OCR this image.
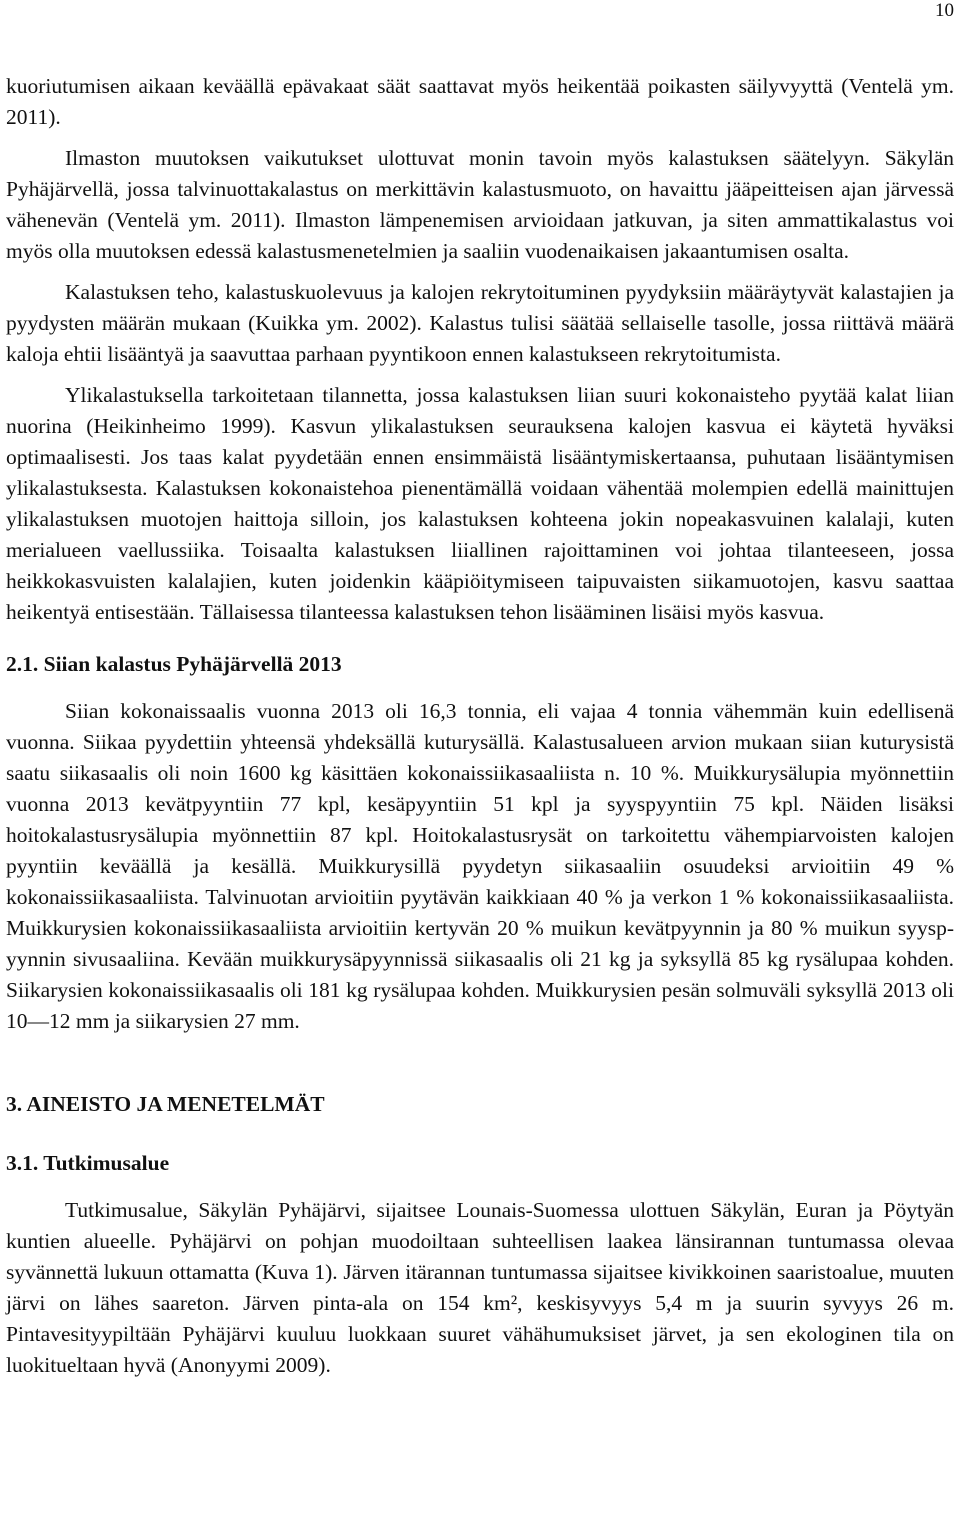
10

kuoriutumisen aikaan keväällä epävakaat säät saattavat myös heikentää poikasten säilyvyyttä (Ventelä ym. 2011).

Ilmaston muutoksen vaikutukset ulottuvat monin tavoin myös kalastuksen säätelyyn. Säkylän Pyhäjärvellä, jossa talvinuottakalastus on merkittävin kalastusmuoto, on havaittu jääpeitteisen ajan järvessä vähenevän (Ventelä ym. 2011). Ilmaston lämpenemisen arvioidaan jatkuvan, ja siten ammattikalastus voi myös olla muutoksen edessä kalastusmenetelmien ja saaliin vuodenaikaisen jakaantumisen osalta.

Kalastuksen teho, kalastuskuolevuus ja kalojen rekrytoituminen pyydyksiin määräytyvät kalastajien ja pyydysten määrän mukaan (Kuikka ym. 2002). Kalastus tulisi säätää sellaiselle tasolle, jossa riittävä määrä kaloja ehtii lisääntyä ja saavuttaa parhaan pyyntikoon ennen kalastukseen rekrytoitumista.

Ylikalastuksella tarkoitetaan tilannetta, jossa kalastuksen liian suuri kokonaisteho pyytää kalat liian nuorina (Heikinheimo 1999). Kasvun ylikalastuksen seurauksena kalojen kasvua ei käytetä hyväksi optimaalisesti. Jos taas kalat pyydetään ennen ensimmäistä lisääntymiskertaansa, puhutaan lisääntymisen ylikalastuksesta. Kalastuksen kokonaistehoa pienentämällä voidaan vähentää molempien edellä mainittujen ylikalastuksen muotojen haittoja silloin, jos kalastuksen kohteena jokin nopeakasvuinen kalalaji, kuten merialueen vaellussiika. Toisaalta kalastuksen liiallinen rajoittaminen voi johtaa tilanteeseen, jossa heikkokasvuisten kalalajien, kuten joidenkin kääpiöitymiseen taipuvaisten siikamuotojen, kasvu saattaa heikentyä entisestään. Tällaisessa tilanteessa kalastuksen tehon lisääminen lisäisi myös kasvua.

2.1. Siian kalastus Pyhäjärvellä 2013

Siian kokonaissaalis vuonna 2013 oli 16,3 tonnia, eli vajaa 4 tonnia vähemmän kuin edellisenä vuonna. Siikaa pyydettiin yhteensä yhdeksällä kuturysällä. Kalastusalueen arvion mukaan siian kuturysistä saatu siikasaalis oli noin 1600 kg käsittäen kokonaissiikasaaliista n. 10 %. Muikkurysälupia myönnettiin vuonna 2013 kevätpyyntiin 77 kpl, kesäpyyntiin 51 kpl ja syyspyyntiin 75 kpl. Näiden lisäksi hoitokalastusrysälupia myönnettiin 87 kpl. Hoitokalastusrysät on tarkoitettu vähempiarvoisten kalojen pyyntiin keväällä ja kesällä. Muikkurysillä pyydetyn siikasaaliin osuudeksi arvioitiin 49 % kokonaissiikasaaliista. Talvinuotan arvioitiin pyytävän kaikkiaan 40 % ja verkon 1 % kokonaissiikasaaliista. Muikkurysien kokonaissiikasaaliista arvioitiin kertyvän 20 % muikun kevätpyynnin ja 80 % muikun syyspyynnin sivusaaliina. Kevään muikkurysäpyynnissä siikasaalis oli 21 kg ja syksyllä 85 kg rysälupaa kohden. Siikarysien kokonaissiikasaalis oli 181 kg rysälupaa kohden. Muikkurysien pesän solmuväli syksyllä 2013 oli 10—12 mm ja siikarysien 27 mm.

3. AINEISTO JA MENETELMÄT
3.1. Tutkimusalue

Tutkimusalue, Säkylän Pyhäjärvi, sijaitsee Lounais-Suomessa ulottuen Säkylän, Euran ja Pöytyän kuntien alueelle. Pyhäjärvi on pohjan muodoiltaan suhteellisen laakea länsirannan tuntumassa olevaa syvännettä lukuun ottamatta (Kuva 1). Järven itärannan tuntumassa sijaitsee kivikkoinen saaristoalue, muuten järvi on lähes saareton. Järven pinta-ala on 154 km², keskisyvyys 5,4 m ja suurin syvyys 26 m. Pintavesityypiltään Pyhäjärvi kuuluu luokkaan suuret vähähumuksiset järvet, ja sen ekologinen tila on luokitueltaan hyvä (Anonyymi 2009).
